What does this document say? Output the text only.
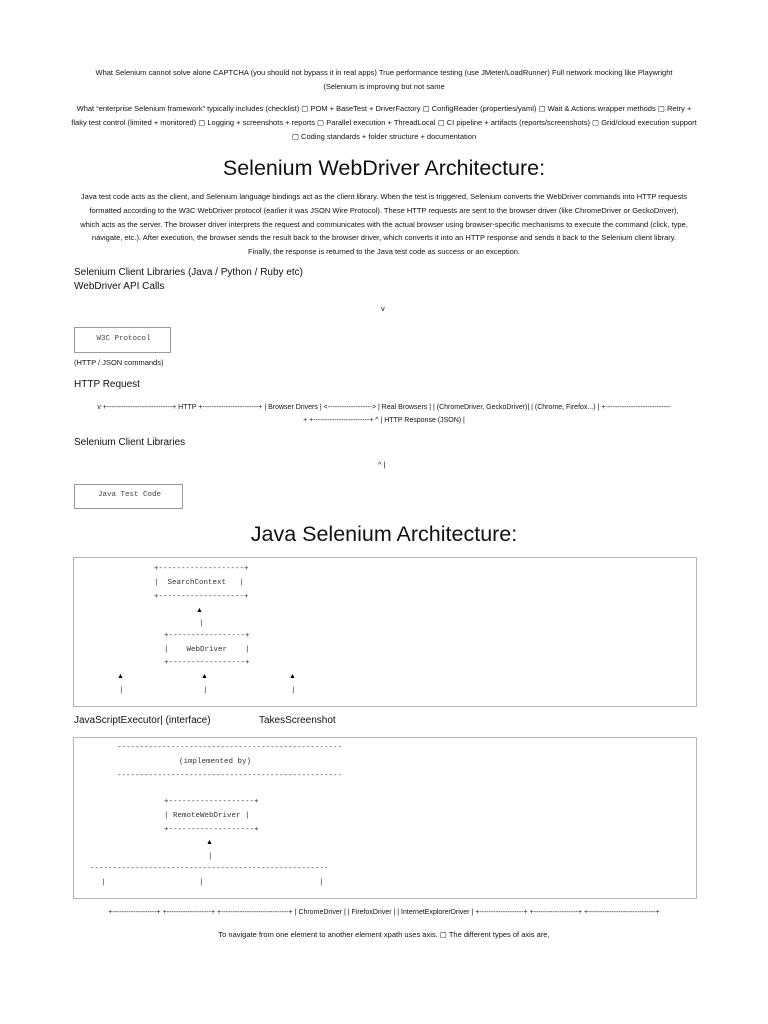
What Selenium cannot solve alone CAPTCHA (you should not bypass it in real apps) True performance testing (use JMeter/LoadRunner) Full network mocking like Playwright (Selenium is improving but not same
What “enterprise Selenium framework” typically includes (checklist) ▢ POM + BaseTest + DriverFactory ▢ ConfigReader (properties/yaml) ▢ Wait & Actions wrapper methods ▢ Retry + flaky test control (limited + monitored) ▢ Logging + screenshots + reports ▢ Parallel execution + ThreadLocal ▢ CI pipeline + artifacts (reports/screenshots) ▢ Grid/cloud execution support ▢ Coding standards + folder structure + documentation
Selenium WebDriver Architecture:
Java test code acts as the client, and Selenium language bindings act as the client library. When the test is triggered, Selenium converts the WebDriver commands into HTTP requests formatted according to the W3C WebDriver protocol (earlier it was JSON Wire Protocol). These HTTP requests are sent to the browser driver (like ChromeDriver or GeckoDriver), which acts as the server. The browser driver interprets the request and communicates with the actual browser using browser-specific mechanisms to execute the command (click, type, navigate, etc.). After execution, the browser sends the result back to the browser driver, which converts it into an HTTP response and sends it back to the Selenium client library. Finally, the response is returned to the Java test code as success or an exception.
Selenium Client Libraries (Java / Python / Ruby etc)
WebDriver API Calls
v
W3C Protocol
(HTTP / JSON commands)
HTTP Request
v +----------------------------+ HTTP +------------------------+ | Browser Drivers | <-------------------> | Real Browsers | | (ChromeDriver, GeckoDriver)| | (Chrome, Firefox...) | +----------------------------
+ +------------------------+ ^ | HTTP Response (JSON) |
Selenium Client Libraries
^ |
Java Test Code
Java Selenium Architecture:
+-------------------+
|  SearchContext   |
+-------------------+
▲
|
+-----------------+
|    WebDriver    |
+-----------------+
▲	▲	▲
|	|	|
JavaScriptExecutor| (interface)	TakesScreenshot
--------------------------------------------------
(implemented by)
--------------------------------------------------
+-------------------+
| RemoteWebDriver |
+-------------------+
▲
|
-----------------------------------------------------
|	|	|
+-------------------+ +-------------------+ +-----------------------------+ | ChromeDriver | | FirefoxDriver | | InternetExplorerDriver | +-------------------+ +-------------------+ +-----------------------------+
To navigate from one element to another element xpath uses axis. ▢ The different types of axis are,
